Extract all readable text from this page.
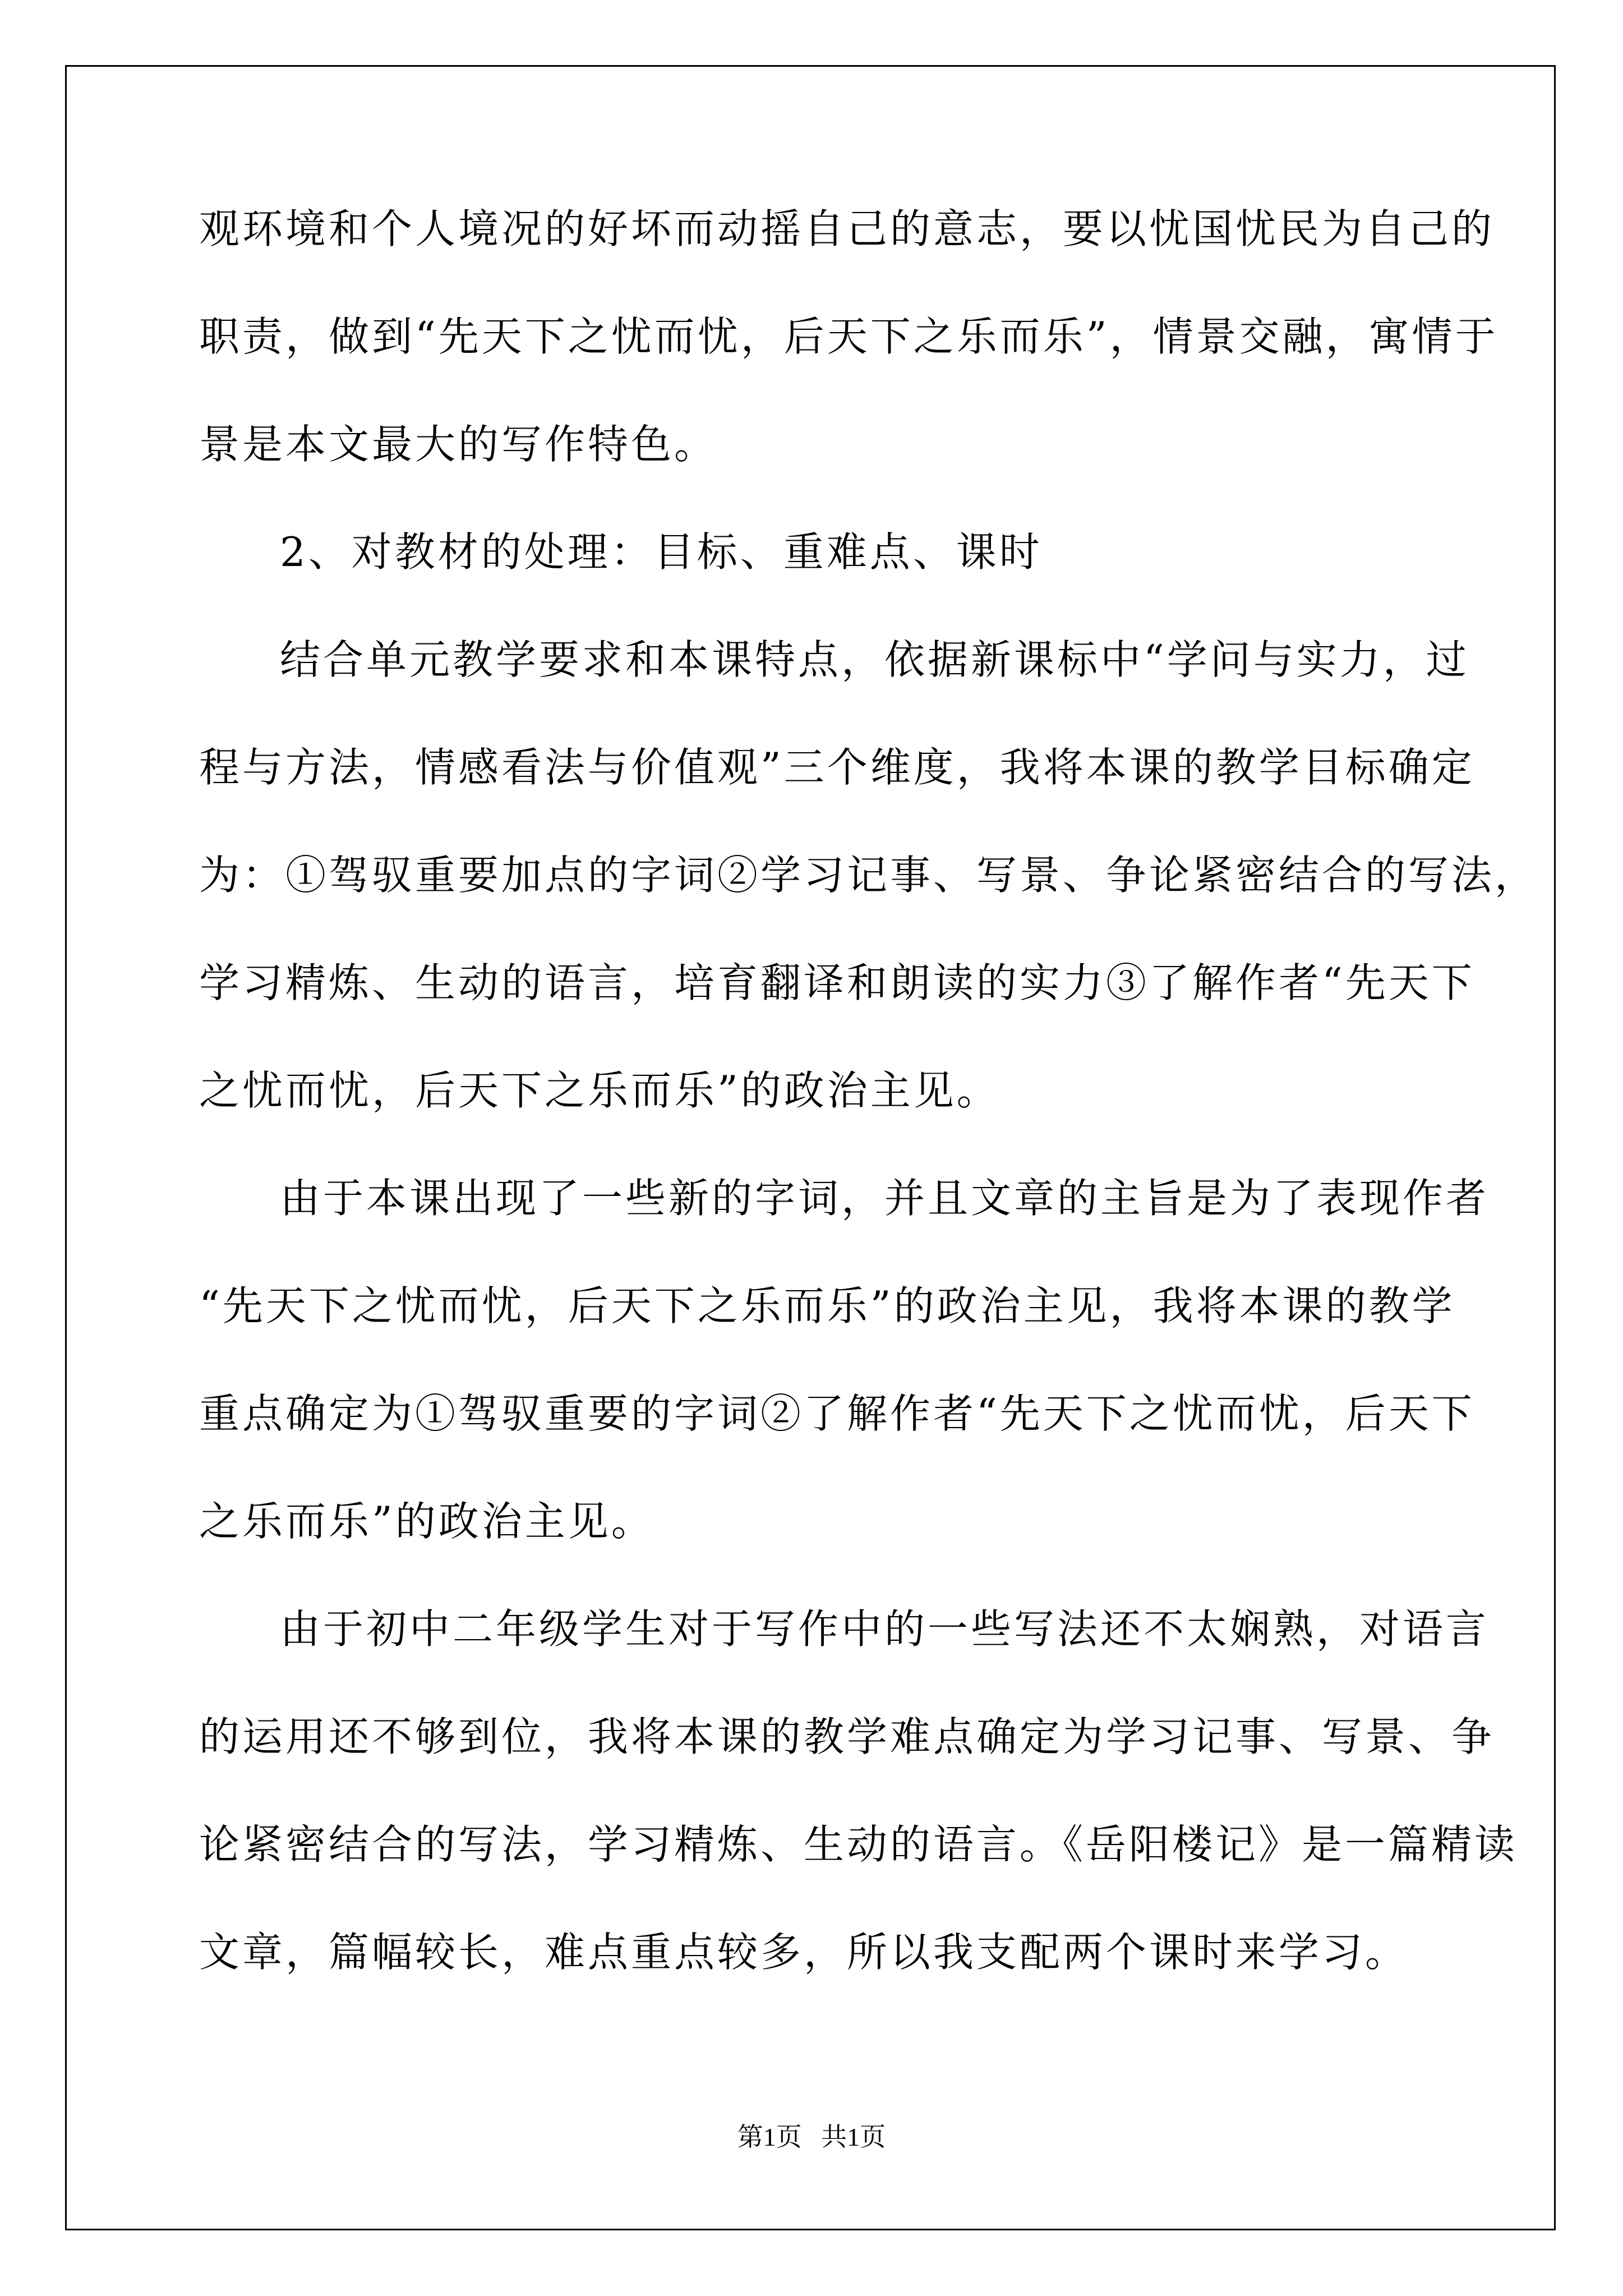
观环境和个人境况的好坏而动摇自己的意志，要以忧国忧民为自己的
职责，做到“先天下之忧而忧，后天下之乐而乐”，情景交融，寓情于
景是本文最大的写作特色。
2、对教材的处理：目标、重难点、课时
结合单元教学要求和本课特点，依据新课标中“学问与实力，过
程与方法，情感看法与价值观”三个维度，我将本课的教学目标确定
为：①驾驭重要加点的字词②学习记事、写景、争论紧密结合的写法，
学习精炼、生动的语言，培育翻译和朗读的实力③了解作者“先天下
之忧而忧，后天下之乐而乐”的政治主见。
由于本课出现了一些新的字词，并且文章的主旨是为了表现作者
“先天下之忧而忧，后天下之乐而乐”的政治主见，我将本课的教学
重点确定为①驾驭重要的字词②了解作者“先天下之忧而忧，后天下
之乐而乐”的政治主见。
由于初中二年级学生对于写作中的一些写法还不太娴熟，对语言
的运用还不够到位，我将本课的教学难点确定为学习记事、写景、争
论紧密结合的写法，学习精炼、生动的语言。《岳阳楼记》是一篇精读
文章，篇幅较长，难点重点较多，所以我支配两个课时来学习。
第1页   共1页
